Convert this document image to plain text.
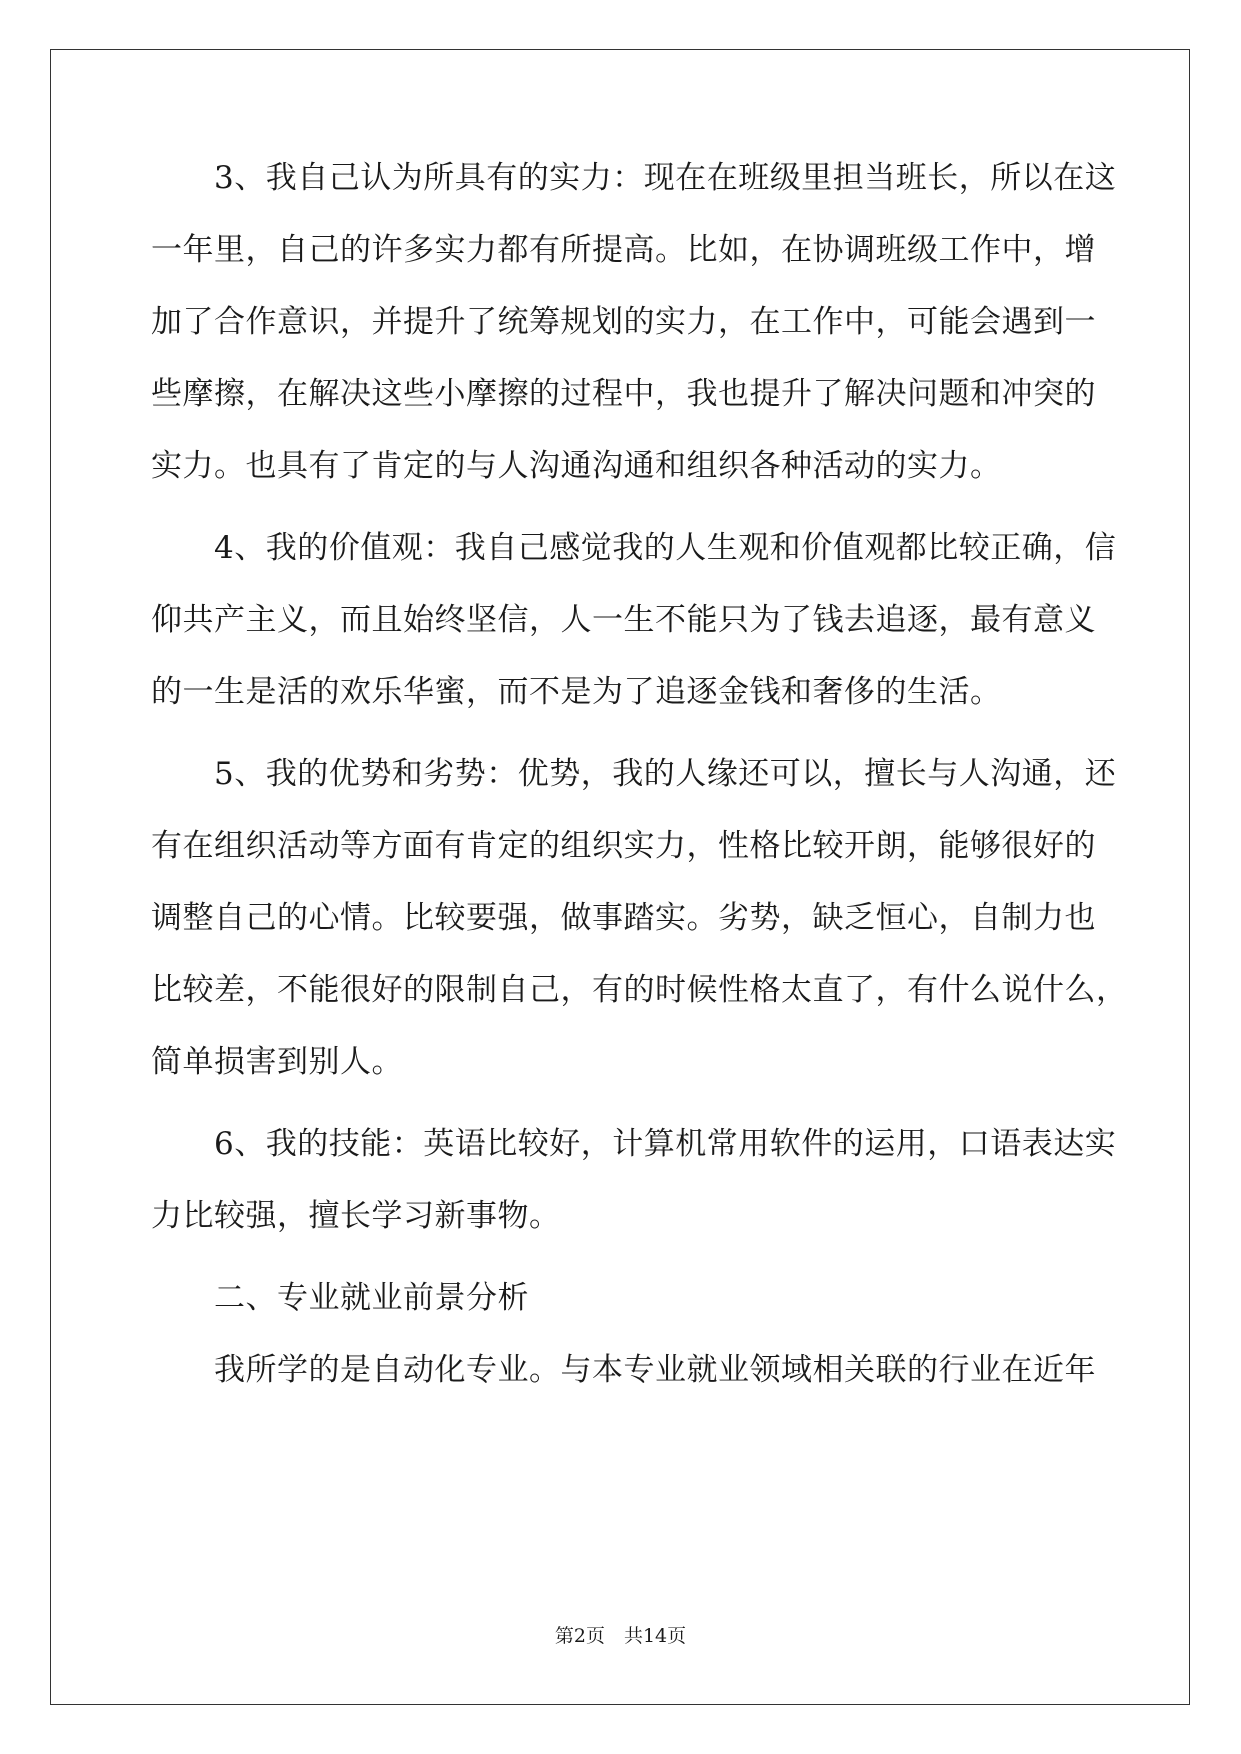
　　3、我自己认为所具有的实力：现在在班级里担当班长，所以在这
一年里，自己的许多实力都有所提高。比如，在协调班级工作中，增
加了合作意识，并提升了统筹规划的实力，在工作中，可能会遇到一
些摩擦，在解决这些小摩擦的过程中，我也提升了解决问题和冲突的
实力。也具有了肯定的与人沟通沟通和组织各种活动的实力。
　　4、我的价值观：我自己感觉我的人生观和价值观都比较正确，信
仰共产主义，而且始终坚信，人一生不能只为了钱去追逐，最有意义
的一生是活的欢乐华蜜，而不是为了追逐金钱和奢侈的生活。
　　5、我的优势和劣势：优势，我的人缘还可以，擅长与人沟通，还
有在组织活动等方面有肯定的组织实力，性格比较开朗，能够很好的
调整自己的心情。比较要强，做事踏实。劣势，缺乏恒心，自制力也
比较差，不能很好的限制自己，有的时候性格太直了，有什么说什么，
简单损害到别人。
　　6、我的技能：英语比较好，计算机常用软件的运用，口语表达实
力比较强，擅长学习新事物。
　　二、专业就业前景分析
　　我所学的是自动化专业。与本专业就业领域相关联的行业在近年
第2页　共14页
